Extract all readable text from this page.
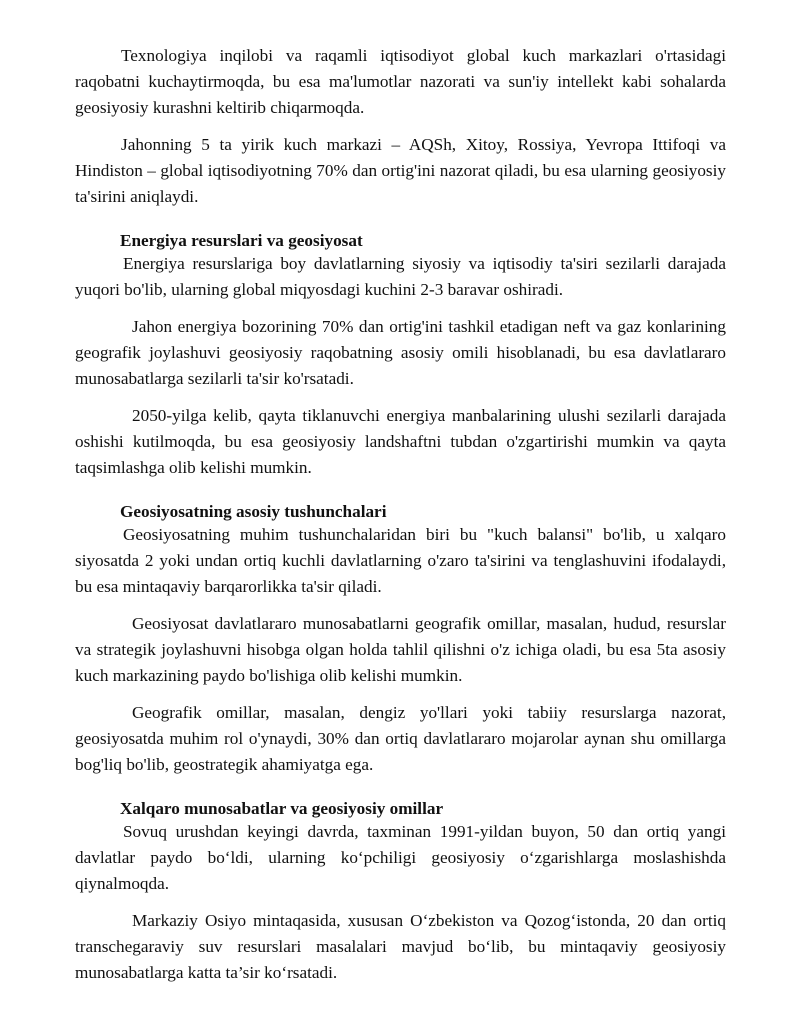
Texnologiya inqilobi va raqamli iqtisodiyot global kuch markazlari o'rtasidagi raqobatni kuchaytirmoqda, bu esa ma'lumotlar nazorati va sun'iy intellekt kabi sohalarda geosiyosiy kurashni keltirib chiqarmoqda.

Jahonning 5 ta yirik kuch markazi – AQSh, Xitoy, Rossiya, Yevropa Ittifoqi va Hindiston – global iqtisodiyotning 70% dan ortig'ini nazorat qiladi, bu esa ularning geosiyosiy ta'sirini aniqlaydi.

Energiya resurslari va geosiyosat

Energiya resurslariga boy davlatlarning siyosiy va iqtisodiy ta'siri sezilarli darajada yuqori bo'lib, ularning global miqyosdagi kuchini 2-3 baravar oshiradi.

Jahon energiya bozorining 70% dan ortig'ini tashkil etadigan neft va gaz konlarining geografik joylashuvi geosiyosiy raqobatning asosiy omili hisoblanadi, bu esa davlatlararo munosabatlarga sezilarli ta'sir ko'rsatadi.

2050-yilga kelib, qayta tiklanuvchi energiya manbalarining ulushi sezilarli darajada oshishi kutilmoqda, bu esa geosiyosiy landshaftni tubdan o'zgartirishi mumkin va qayta taqsimlashga olib kelishi mumkin.

Geosiyosatning asosiy tushunchalari

Geosiyosatning muhim tushunchalaridan biri bu "kuch balansi" bo'lib, u xalqaro siyosatda 2 yoki undan ortiq kuchli davlatlarning o'zaro ta'sirini va tenglashuvini ifodalaydi, bu esa mintaqaviy barqarorlikka ta'sir qiladi.

Geosiyosat davlatlararo munosabatlarni geografik omillar, masalan, hudud, resurslar va strategik joylashuvni hisobga olgan holda tahlil qilishni o'z ichiga oladi, bu esa 5ta asosiy kuch markazining paydo bo'lishiga olib kelishi mumkin.

Geografik omillar, masalan, dengiz yo'llari yoki tabiiy resurslarga nazorat, geosiyosatda muhim rol o'ynaydi, 30% dan ortiq davlatlararo mojarolar aynan shu omillarga bog'liq bo'lib, geostrategik ahamiyatga ega.

Xalqaro munosabatlar va geosiyosiy omillar

Sovuq urushdan keyingi davrda, taxminan 1991-yildan buyon, 50 dan ortiq yangi davlatlar paydo bo‘ldi, ularning ko‘pchiligi geosiyosiy o‘zgarishlarga moslashishda qiynalmoqda.

Markaziy Osiyo mintaqasida, xususan O‘zbekiston va Qozog‘istonda, 20 dan ortiq transchegaraviy suv resurslari masalalari mavjud bo‘lib, bu mintaqaviy geosiyosiy munosabatlarga katta ta’sir ko‘rsatadi.
